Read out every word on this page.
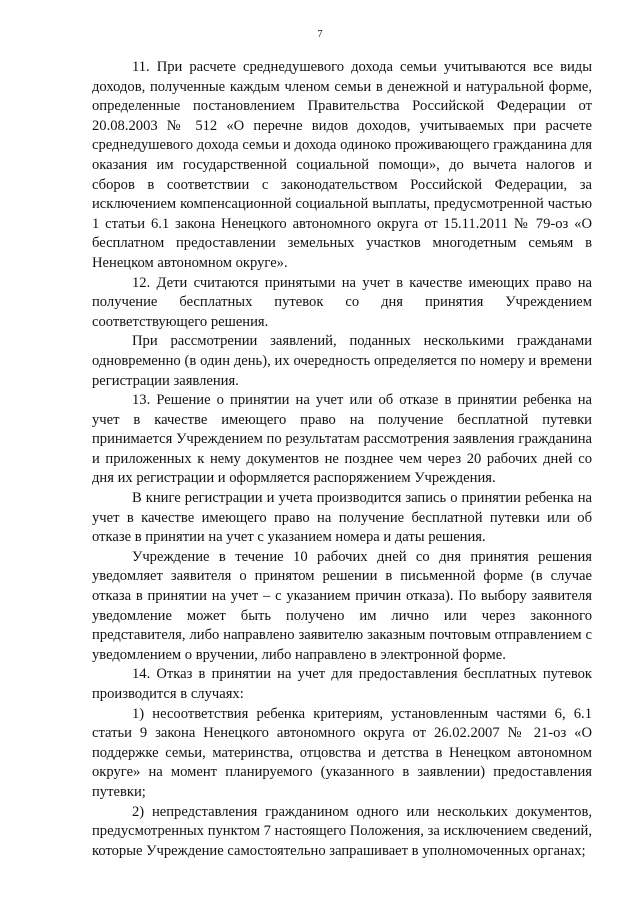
7

11. При расчете среднедушевого дохода семьи учитываются все виды доходов, полученные каждым членом семьи в денежной и натуральной форме, определенные постановлением Правительства Российской Федерации от 20.08.2003 № 512 «О перечне видов доходов, учитываемых при расчете среднедушевого дохода семьи и дохода одиноко проживающего гражданина для оказания им государственной социальной помощи», до вычета налогов и сборов в соответствии с законодательством Российской Федерации, за исключением компенсационной социальной выплаты, предусмотренной частью 1 статьи 6.1 закона Ненецкого автономного округа от 15.11.2011 № 79-оз «О бесплатном предоставлении земельных участков многодетным семьям в Ненецком автономном округе».

12. Дети считаются принятыми на учет в качестве имеющих право на получение бесплатных путевок со дня принятия Учреждением соответствующего решения.

При рассмотрении заявлений, поданных несколькими гражданами одновременно (в один день), их очередность определяется по номеру и времени регистрации заявления.

13. Решение о принятии на учет или об отказе в принятии ребенка на учет в качестве имеющего право на получение бесплатной путевки принимается Учреждением по результатам рассмотрения заявления гражданина и приложенных к нему документов не позднее чем через 20 рабочих дней со дня их регистрации и оформляется распоряжением Учреждения.

В книге регистрации и учета производится запись о принятии ребенка на учет в качестве имеющего право на получение бесплатной путевки или об отказе в принятии на учет с указанием номера и даты решения.

Учреждение в течение 10 рабочих дней со дня принятия решения уведомляет заявителя о принятом решении в письменной форме (в случае отказа в принятии на учет – с указанием причин отказа). По выбору заявителя уведомление может быть получено им лично или через законного представителя, либо направлено заявителю заказным почтовым отправлением с уведомлением о вручении, либо направлено в электронной форме.

14. Отказ в принятии на учет для предоставления бесплатных путевок производится в случаях:

1) несоответствия ребенка критериям, установленным частями 6, 6.1 статьи 9 закона Ненецкого автономного округа от 26.02.2007 № 21-оз «О поддержке семьи, материнства, отцовства и детства в Ненецком автономном округе» на момент планируемого (указанного в заявлении) предоставления путевки;

2) непредставления гражданином одного или нескольких документов, предусмотренных пунктом 7 настоящего Положения, за исключением сведений, которые Учреждение самостоятельно запрашивает в уполномоченных органах;
